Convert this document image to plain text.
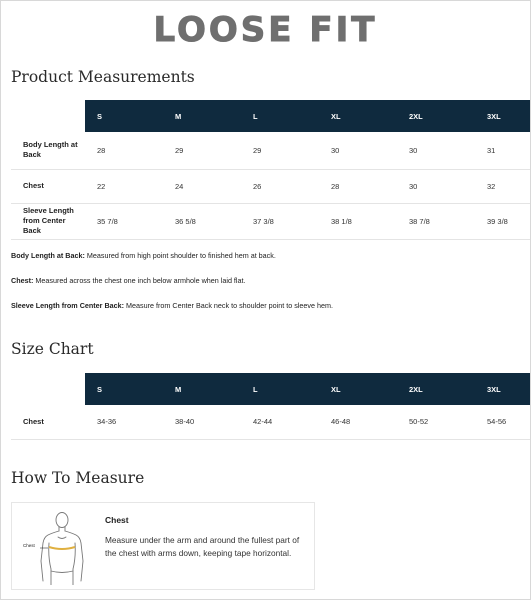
LOOSE FIT
Product Measurements
	S	M	L	XL	2XL	3XL
Body Length at Back	28	29	29	30	30	31
Chest	22	24	26	28	30	32
Sleeve Length from Center Back	35 7/8	36 5/8	37 3/8	38 1/8	38 7/8	39 3/8
Body Length at Back: Measured from high point shoulder to finished hem at back.
Chest: Measured across the chest one inch below armhole when laid flat.
Sleeve Length from Center Back: Measure from Center Back neck to shoulder point to sleeve hem.
Size Chart
	S	M	L	XL	2XL	3XL
Chest	34-36	38-40	42-44	46-48	50-52	54-56
How To Measure
Chest
Chest
Measure under the arm and around the fullest part of the chest with arms down, keeping tape horizontal.
